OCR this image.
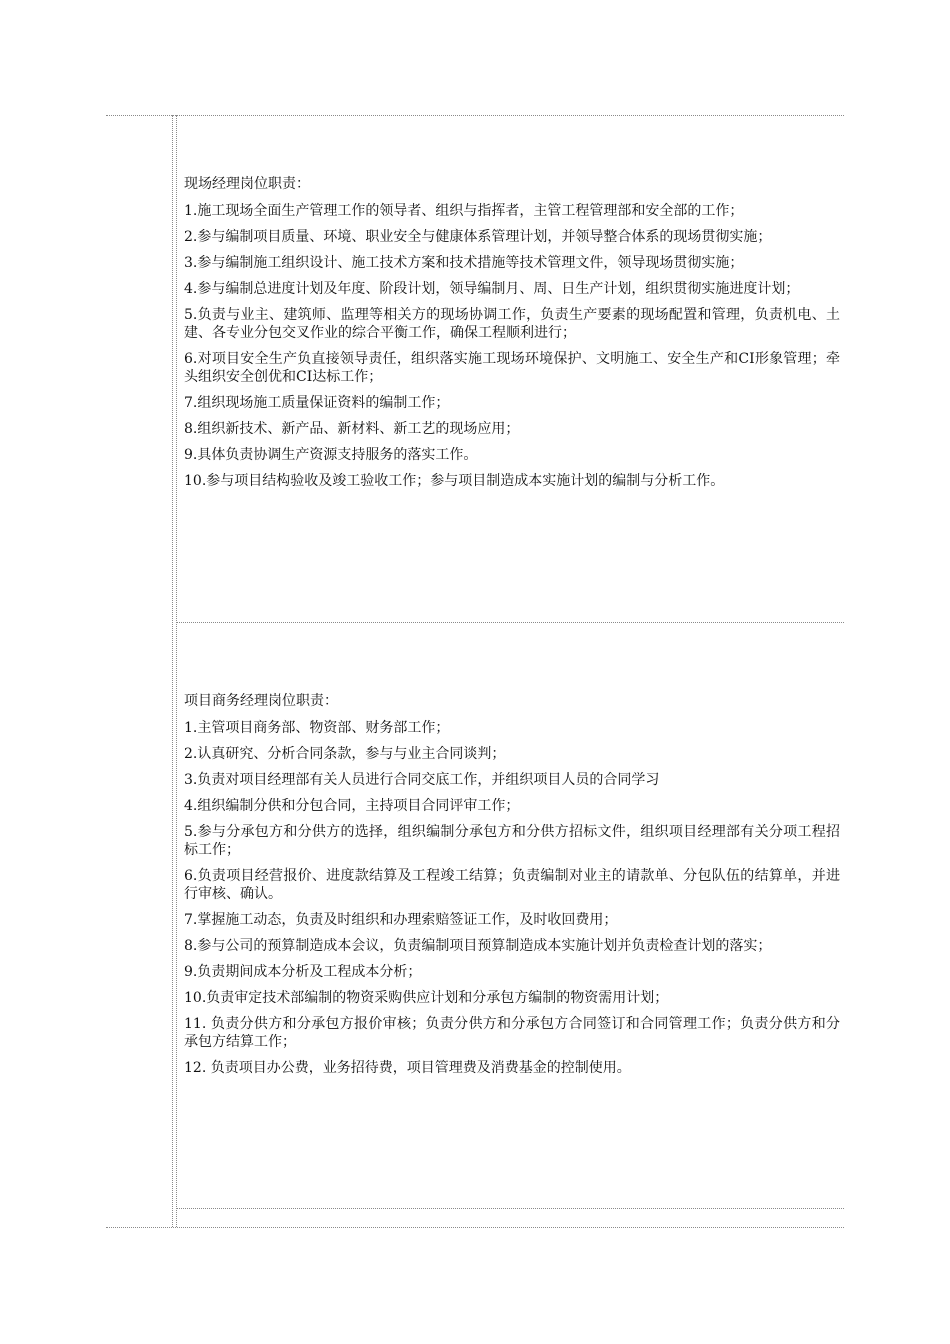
现场经理岗位职责：
1.施工现场全面生产管理工作的领导者、组织与指挥者，主管工程管理部和安全部的工作；
2.参与编制项目质量、环境、职业安全与健康体系管理计划，并领导整合体系的现场贯彻实施；
3.参与编制施工组织设计、施工技术方案和技术措施等技术管理文件，领导现场贯彻实施；
4.参与编制总进度计划及年度、阶段计划，领导编制月、周、日生产计划，组织贯彻实施进度计划；
5.负责与业主、建筑师、监理等相关方的现场协调工作，负责生产要素的现场配置和管理，负责机电、土建、各专业分包交叉作业的综合平衡工作，确保工程顺利进行；
6.对项目安全生产负直接领导责任，组织落实施工现场环境保护、文明施工、安全生产和CI形象管理；牵头组织安全创优和CI达标工作；
7.组织现场施工质量保证资料的编制工作；
8.组织新技术、新产品、新材料、新工艺的现场应用；
9.具体负责协调生产资源支持服务的落实工作。
10.参与项目结构验收及竣工验收工作；参与项目制造成本实施计划的编制与分析工作。
项目商务经理岗位职责：
1.主管项目商务部、物资部、财务部工作；
2.认真研究、分析合同条款，参与与业主合同谈判；
3.负责对项目经理部有关人员进行合同交底工作，并组织项目人员的合同学习
4.组织编制分供和分包合同，主持项目合同评审工作；
5.参与分承包方和分供方的选择，组织编制分承包方和分供方招标文件，组织项目经理部有关分项工程招标工作；
6.负责项目经营报价、进度款结算及工程竣工结算；负责编制对业主的请款单、分包队伍的结算单，并进行审核、确认。
7.掌握施工动态，负责及时组织和办理索赔签证工作，及时收回费用；
8.参与公司的预算制造成本会议，负责编制项目预算制造成本实施计划并负责检查计划的落实；
9.负责期间成本分析及工程成本分析；
10.负责审定技术部编制的物资采购供应计划和分承包方编制的物资需用计划；
11. 负责分供方和分承包方报价审核；负责分供方和分承包方合同签订和合同管理工作；负责分供方和分承包方结算工作；
12. 负责项目办公费，业务招待费，项目管理费及消费基金的控制使用。
